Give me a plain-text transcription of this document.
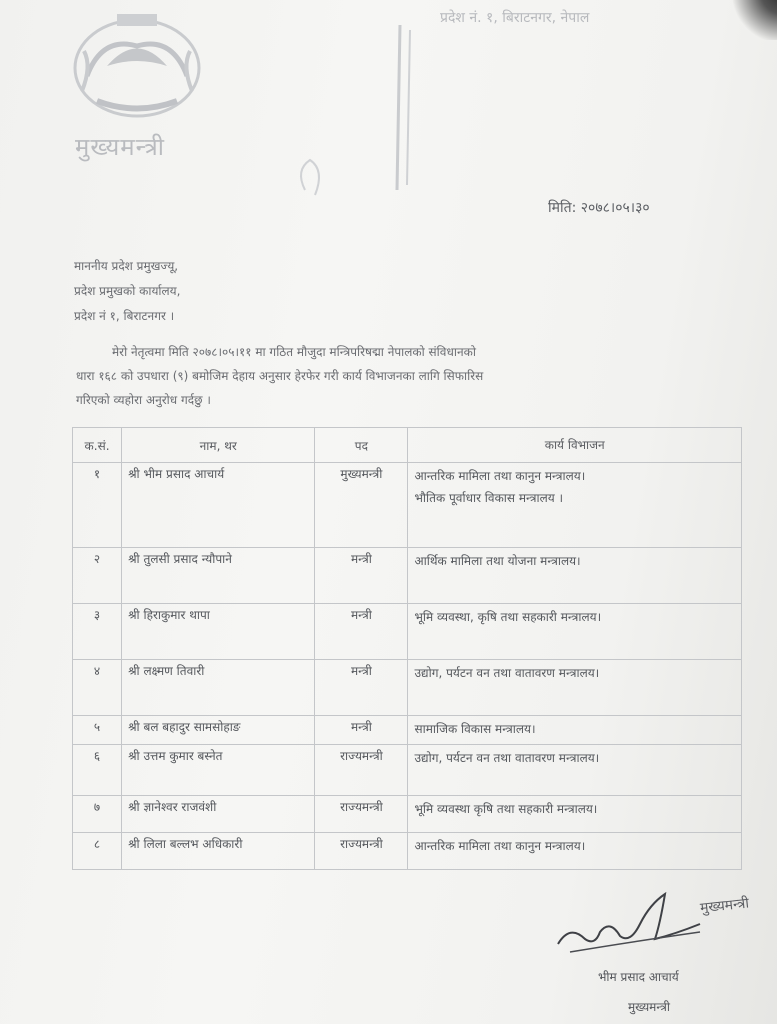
मुख्यमन्त्री
प्रदेश नं. १, बिराटनगर, नेपाल
मिति: २०७८।०५।३०
माननीय प्रदेश प्रमुखज्यू,
प्रदेश प्रमुखको कार्यालय,
प्रदेश नं १, बिराटनगर ।
मेरो नेतृत्वमा मिति २०७८।०५।११ मा गठित मौजुदा मन्त्रिपरिषद्मा नेपालको संविधानको
धारा १६८ को उपधारा (९) बमोजिम देहाय अनुसार हेरफेर गरी कार्य विभाजनका लागि सिफारिस
गरिएको व्यहोरा अनुरोध गर्दछु ।
क.सं.	नाम, थर	पद	कार्य विभाजन
१	श्री भीम प्रसाद आचार्य	मुख्यमन्त्री	आन्तरिक मामिला तथा कानुन मन्त्रालय।
भौतिक पूर्वाधार विकास मन्त्रालय ।

२	श्री तुलसी प्रसाद न्यौपाने	मन्त्री	आर्थिक मामिला तथा योजना मन्त्रालय।
३	श्री हिराकुमार थापा	मन्त्री	भूमि व्यवस्था, कृषि तथा सहकारी मन्त्रालय।
४	श्री लक्ष्मण तिवारी	मन्त्री	उद्योग, पर्यटन वन तथा वातावरण मन्त्रालय।
५	श्री बल बहादुर सामसोहाङ	मन्त्री	सामाजिक विकास मन्त्रालय।
६	श्री उत्तम कुमार बस्नेत	राज्यमन्त्री	उद्योग, पर्यटन वन तथा वातावरण मन्त्रालय।
७	श्री ज्ञानेश्वर राजवंशी	राज्यमन्त्री	भूमि व्यवस्था कृषि तथा सहकारी मन्त्रालय।
८	श्री लिला बल्लभ अधिकारी	राज्यमन्त्री	आन्तरिक मामिला तथा कानुन मन्त्रालय।
मुख्यमन्त्री
भीम प्रसाद आचार्य
मुख्यमन्त्री
